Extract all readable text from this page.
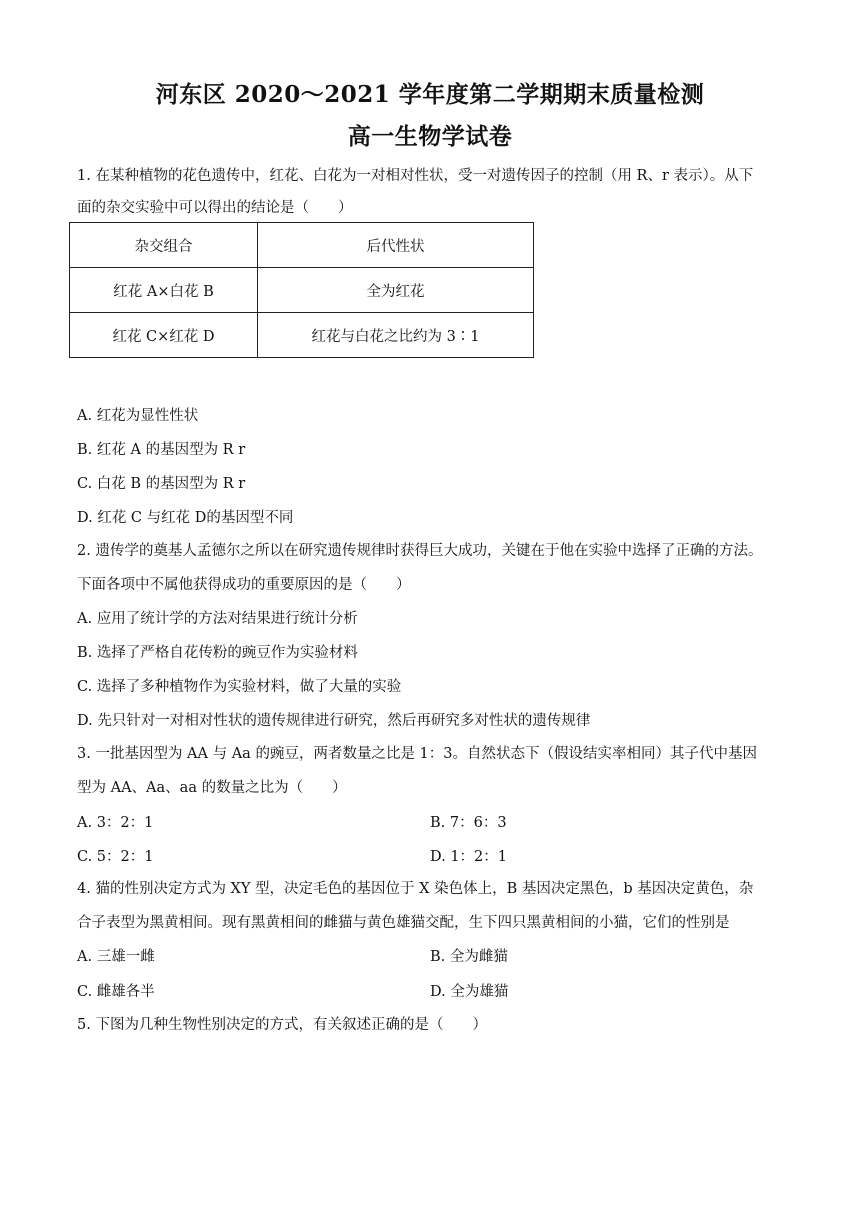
河东区 2020～2021 学年度第二学期期末质量检测
高一生物学试卷
1. 在某种植物的花色遗传中，红花、白花为一对相对性状，受一对遗传因子的控制（用 R、r 表示）。从下
面的杂交实验中可以得出的结论是（　　）
杂交组合	后代性状
红花 A×白花 B	全为红花
红花 C×红花 D	红花与白花之比约为 3∶1
A. 红花为显性性状
B. 红花 A 的基因型为 R r
C. 白花 B 的基因型为 R r
D. 红花 C 与红花 D的基因型不同
2. 遗传学的奠基人孟德尔之所以在研究遗传规律时获得巨大成功，关键在于他在实验中选择了正确的方法。
下面各项中不属他获得成功的重要原因的是（　　）
A. 应用了统计学的方法对结果进行统计分析
B. 选择了严格自花传粉的豌豆作为实验材料
C. 选择了多种植物作为实验材料，做了大量的实验
D. 先只针对一对相对性状的遗传规律进行研究，然后再研究多对性状的遗传规律
3. 一批基因型为 AA 与 Aa 的豌豆，两者数量之比是 1：3。自然状态下（假设结实率相同）其子代中基因
型为 AA、Aa、aa 的数量之比为（　　）
A. 3：2：1	B. 7：6：3
C. 5：2：1	D. 1：2：1
4. 猫的性别决定方式为 XY 型，决定毛色的基因位于 X 染色体上，B 基因决定黑色，b 基因决定黄色，杂
合子表型为黑黄相间。现有黑黄相间的雌猫与黄色雄猫交配，生下四只黑黄相间的小猫，它们的性别是
A. 三雄一雌	B. 全为雌猫
C. 雌雄各半	D. 全为雄猫
5. 下图为几种生物性别决定的方式，有关叙述正确的是（　　）
